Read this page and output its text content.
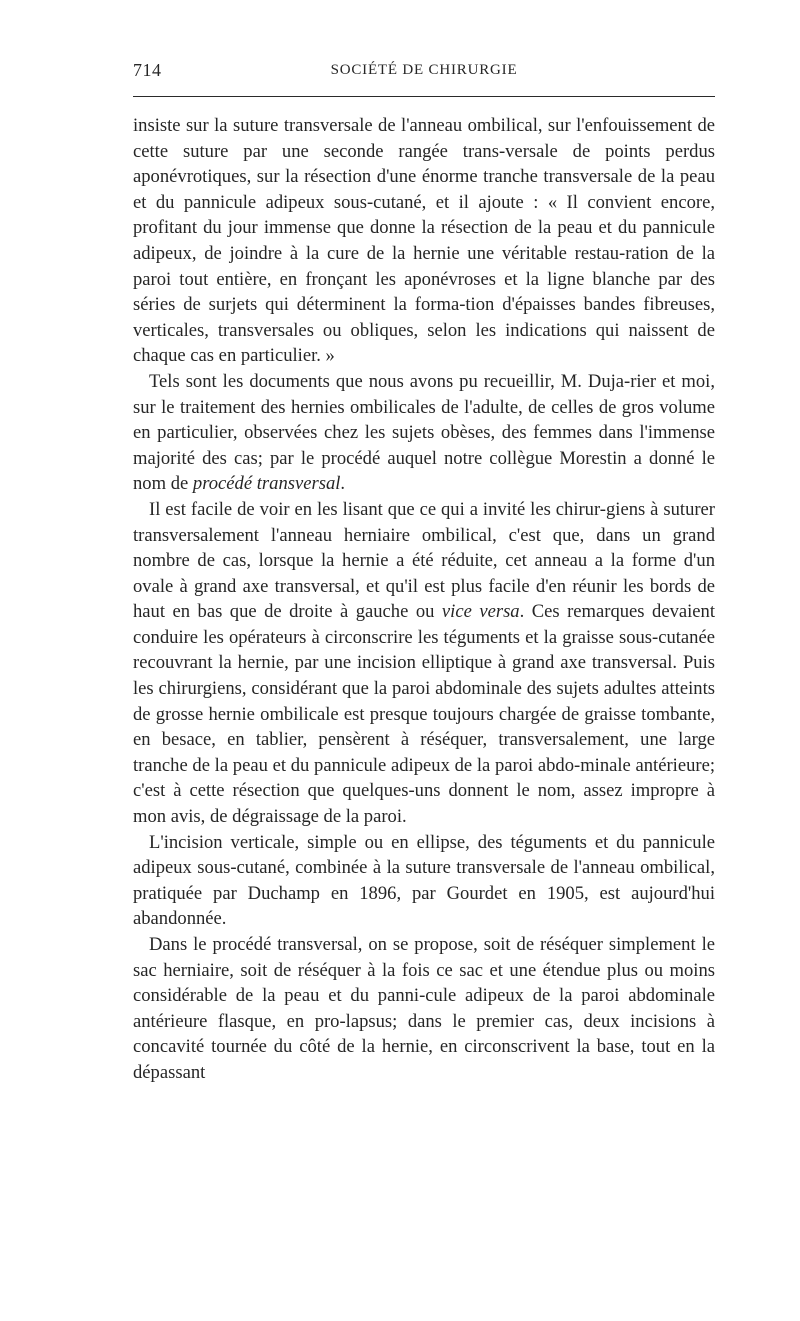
714	SOCIÉTÉ DE CHIRURGIE

insiste sur la suture transversale de l'anneau ombilical, sur l'enfouissement de cette suture par une seconde rangée trans-versale de points perdus aponévrotiques, sur la résection d'une énorme tranche transversale de la peau et du pannicule adipeux sous-cutané, et il ajoute : « Il convient encore, profitant du jour immense que donne la résection de la peau et du pannicule adipeux, de joindre à la cure de la hernie une véritable restau-ration de la paroi tout entière, en fronçant les aponévroses et la ligne blanche par des séries de surjets qui déterminent la forma-tion d'épaisses bandes fibreuses, verticales, transversales ou obliques, selon les indications qui naissent de chaque cas en particulier. »

Tels sont les documents que nous avons pu recueillir, M. Duja-rier et moi, sur le traitement des hernies ombilicales de l'adulte, de celles de gros volume en particulier, observées chez les sujets obèses, des femmes dans l'immense majorité des cas; par le procédé auquel notre collègue Morestin a donné le nom de procédé transversal.

Il est facile de voir en les lisant que ce qui a invité les chirur-giens à suturer transversalement l'anneau herniaire ombilical, c'est que, dans un grand nombre de cas, lorsque la hernie a été réduite, cet anneau a la forme d'un ovale à grand axe transversal, et qu'il est plus facile d'en réunir les bords de haut en bas que de droite à gauche ou vice versa. Ces remarques devaient conduire les opérateurs à circonscrire les téguments et la graisse sous-cutanée recouvrant la hernie, par une incision elliptique à grand axe transversal. Puis les chirurgiens, considérant que la paroi abdominale des sujets adultes atteints de grosse hernie ombilicale est presque toujours chargée de graisse tombante, en besace, en tablier, pensèrent à réséquer, transversalement, une large tranche de la peau et du pannicule adipeux de la paroi abdo-minale antérieure; c'est à cette résection que quelques-uns donnent le nom, assez impropre à mon avis, de dégraissage de la paroi.

L'incision verticale, simple ou en ellipse, des téguments et du pannicule adipeux sous-cutané, combinée à la suture transversale de l'anneau ombilical, pratiquée par Duchamp en 1896, par Gourdet en 1905, est aujourd'hui abandonnée.

Dans le procédé transversal, on se propose, soit de réséquer simplement le sac herniaire, soit de réséquer à la fois ce sac et une étendue plus ou moins considérable de la peau et du panni-cule adipeux de la paroi abdominale antérieure flasque, en pro-lapsus; dans le premier cas, deux incisions à concavité tournée du côté de la hernie, en circonscrivent la base, tout en la dépassant
